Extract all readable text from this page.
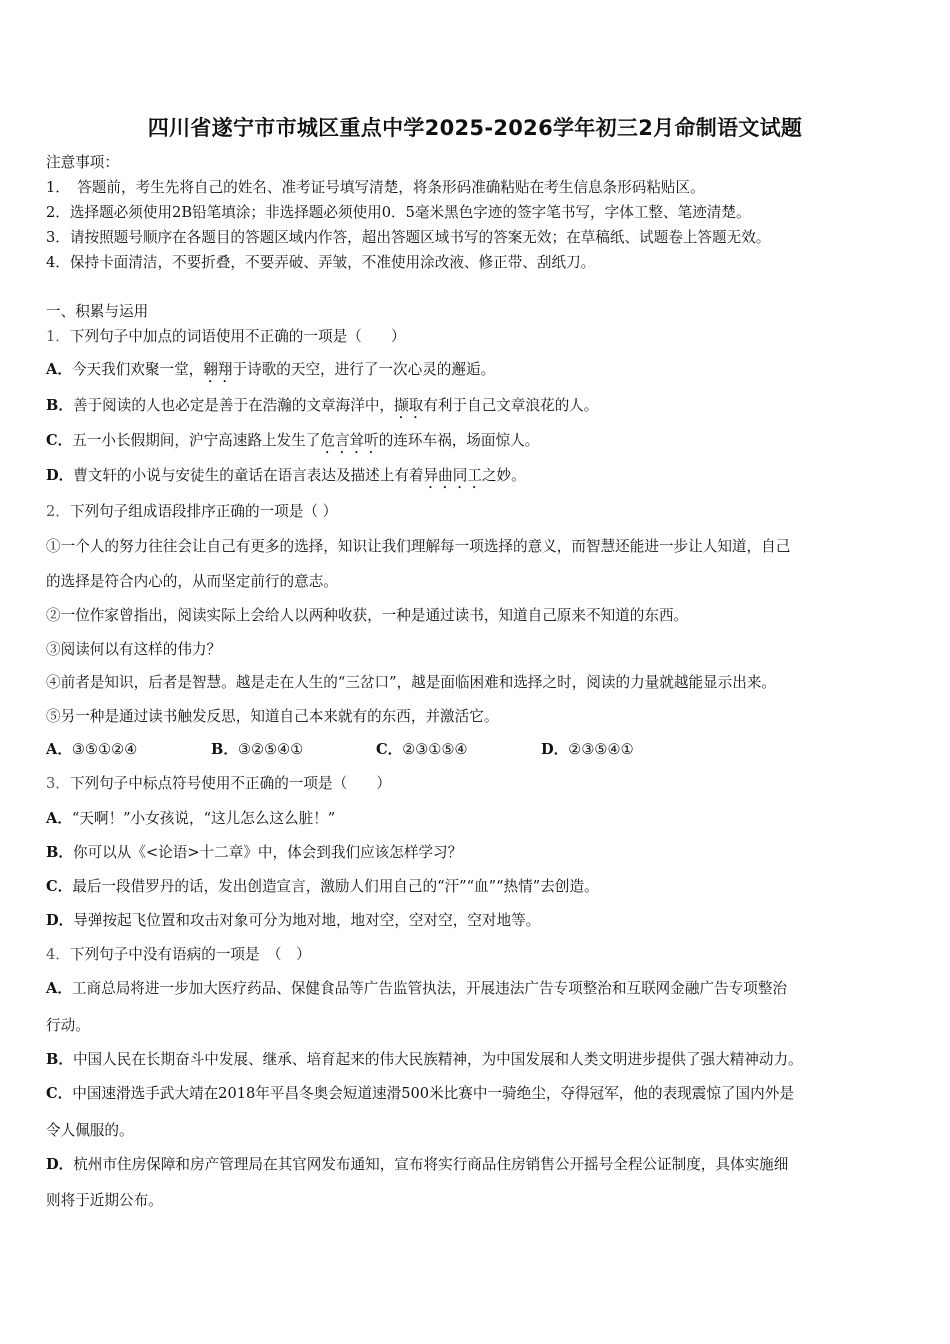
四川省遂宁市市城区重点中学2025-2026学年初三2月命制语文试题
注意事项：
1．　答题前，考生先将自己的姓名、准考证号填写清楚，将条形码准确粘贴在考生信息条形码粘贴区。
2．选择题必须使用2B铅笔填涂；非选择题必须使用0．5毫米黑色字迹的签字笔书写，字体工整、笔迹清楚。
3．请按照题号顺序在各题目的答题区域内作答，超出答题区域书写的答案无效；在草稿纸、试题卷上答题无效。
4．保持卡面清洁，不要折叠，不要弄破、弄皱，不准使用涂改液、修正带、刮纸刀。
一、积累与运用
1．下列句子中加点的词语使用不正确的一项是（　　）
A．今天我们欢聚一堂，翱翔于诗歌的天空，进行了一次心灵的邂逅。
B．善于阅读的人也必定是善于在浩瀚的文章海洋中，撷取有利于自己文章浪花的人。
C．五一小长假期间，沪宁高速路上发生了危言耸听的连环车祸，场面惊人。
D．曹文轩的小说与安徒生的童话在语言表达及描述上有着异曲同工之妙。
2．下列句子组成语段排序正确的一项是（ ）
①一个人的努力往往会让自己有更多的选择，知识让我们理解每一项选择的意义，而智慧还能进一步让人知道，自己
的选择是符合内心的，从而坚定前行的意志。
②一位作家曾指出，阅读实际上会给人以两种收获，一种是通过读书，知道自己原来不知道的东西。
③阅读何以有这样的伟力？
④前者是知识，后者是智慧。越是走在人生的“三岔口”，越是面临困难和选择之时，阅读的力量就越能显示出来。
⑤另一种是通过读书触发反思，知道自己本来就有的东西，并激活它。
A．③⑤①②④	B．③②⑤④①	C．②③①⑤④	D．②③⑤④①
3．下列句子中标点符号使用不正确的一项是（　　）
A．“天啊！”小女孩说，“这儿怎么这么脏！”
B．你可以从《<论语>十二章》中，体会到我们应该怎样学习？
C．最后一段借罗丹的话，发出创造宣言，激励人们用自己的“汗”“血”“热情”去创造。
D．导弹按起飞位置和攻击对象可分为地对地，地对空，空对空，空对地等。
4．下列句子中没有语病的一项是　（　）
A．工商总局将进一步加大医疗药品、保健食品等广告监管执法，开展违法广告专项整治和互联网金融广告专项整治
行动。
B．中国人民在长期奋斗中发展、继承、培育起来的伟大民族精神，为中国发展和人类文明进步提供了强大精神动力。
C．中国速滑选手武大靖在2018年平昌冬奥会短道速滑500米比赛中一骑绝尘，夺得冠军，他的表现震惊了国内外是
令人佩服的。
D．杭州市住房保障和房产管理局在其官网发布通知，宣布将实行商品住房销售公开摇号全程公证制度，具体实施细
则将于近期公布。
